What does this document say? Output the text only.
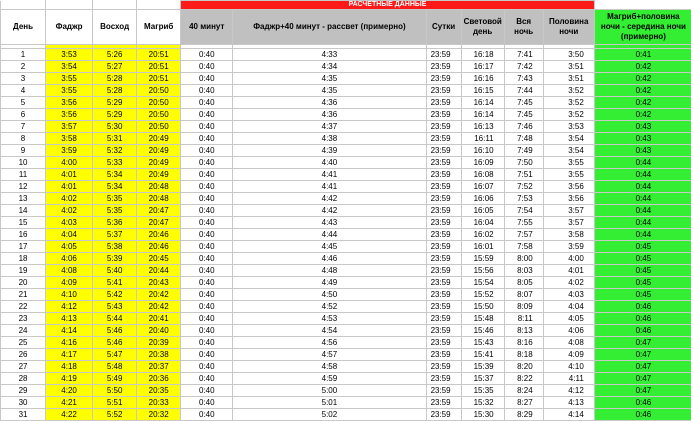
				РАСЧЕТНЫЕ ДАННЫЕ						
День	Фаджр	Восход	Магриб	40 минут	Фаджр+40 минут - рассвет (примерно)	Сутки	Световой день	Вся ночь	Половина ночи	Магриб+половина ночи - середина ночи (примерно)

1	3:53	5:26	20:51	0:40	4:33	23:59	16:18	7:41	3:50	0:41
2	3:54	5:27	20:51	0:40	4:34	23:59	16:17	7:42	3:51	0:42
3	3:55	5:28	20:51	0:40	4:35	23:59	16:16	7:43	3:51	0:42
4	3:55	5:28	20:50	0:40	4:35	23:59	16:15	7:44	3:52	0:42
5	3:56	5:29	20:50	0:40	4:36	23:59	16:14	7:45	3:52	0:42
6	3:56	5:29	20:50	0:40	4:36	23:59	16:14	7:45	3:52	0:42
7	3:57	5:30	20:50	0:40	4:37	23:59	16:13	7:46	3:53	0:43
8	3:58	5:31	20:49	0:40	4:38	23:59	16:11	7:48	3:54	0:43
9	3:59	5:32	20:49	0:40	4:39	23:59	16:10	7:49	3:54	0:43
10	4:00	5:33	20:49	0:40	4:40	23:59	16:09	7:50	3:55	0:44
11	4:01	5:34	20:49	0:40	4:41	23:59	16:08	7:51	3:55	0:44
12	4:01	5:34	20:48	0:40	4:41	23:59	16:07	7:52	3:56	0:44
13	4:02	5:35	20:48	0:40	4:42	23:59	16:06	7:53	3:56	0:44
14	4:02	5:35	20:47	0:40	4:42	23:59	16:05	7:54	3:57	0:44
15	4:03	5:36	20:47	0:40	4:43	23:59	16:04	7:55	3:57	0:44
16	4:04	5:37	20:46	0:40	4:44	23:59	16:02	7:57	3:58	0:44
17	4:05	5:38	20:46	0:40	4:45	23:59	16:01	7:58	3:59	0:45
18	4:06	5:39	20:45	0:40	4:46	23:59	15:59	8:00	4:00	0:45
19	4:08	5:40	20:44	0:40	4:48	23:59	15:56	8:03	4:01	0:45
20	4:09	5:41	20:43	0:40	4:49	23:59	15:54	8:05	4:02	0:45
21	4:10	5:42	20:42	0:40	4:50	23:59	15:52	8:07	4:03	0:45
22	4:12	5:43	20:42	0:40	4:52	23:59	15:50	8:09	4:04	0:46
23	4:13	5:44	20:41	0:40	4:53	23:59	15:48	8:11	4:05	0:46
24	4:14	5:46	20:40	0:40	4:54	23:59	15:46	8:13	4:06	0:46
25	4:16	5:46	20:39	0:40	4:56	23:59	15:43	8:16	4:08	0:47
26	4:17	5:47	20:38	0:40	4:57	23:59	15:41	8:18	4:09	0:47
27	4:18	5:48	20:37	0:40	4:58	23:59	15:39	8:20	4:10	0:47
28	4:19	5:49	20:36	0:40	4:59	23:59	15:37	8:22	4:11	0:47
29	4:20	5:50	20:35	0:40	5:00	23:59	15:35	8:24	4:12	0:47
30	4:21	5:51	20:33	0:40	5:01	23:59	15:32	8:27	4:13	0:46
31	4:22	5:52	20:32	0:40	5:02	23:59	15:30	8:29	4:14	0:46
